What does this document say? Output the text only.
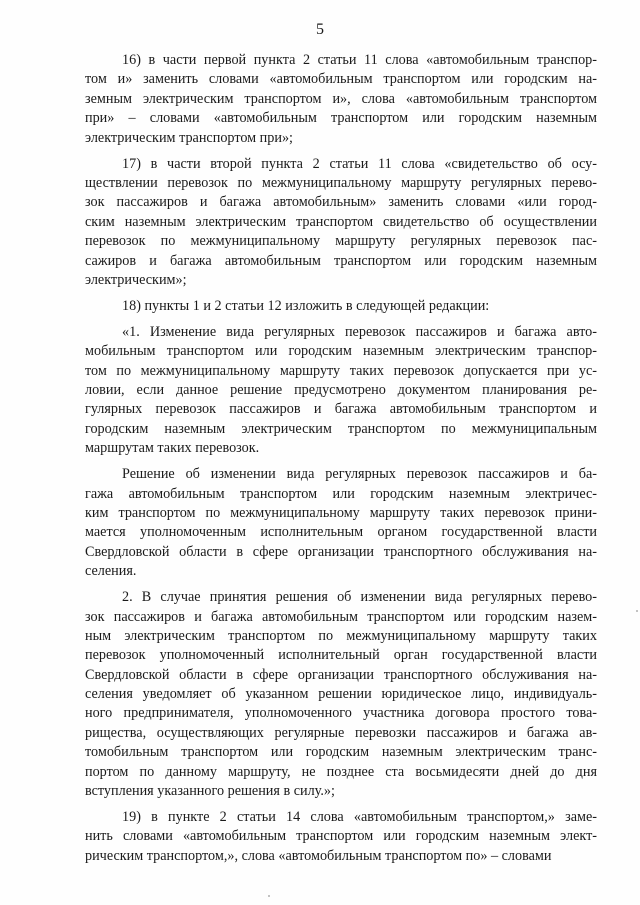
5
16) в части первой пункта 2 статьи 11 слова «автомобильным транспор-
том и» заменить словами «автомобильным транспортом или городским на-
земным электрическим транспортом и», слова «автомобильным транспортом
при» – словами «автомобильным транспортом или городским наземным
электрическим транспортом при»;
17) в части второй пункта 2 статьи 11 слова «свидетельство об осу-
ществлении перевозок по межмуниципальному маршруту регулярных перево-
зок пассажиров и багажа автомобильным» заменить словами «или город-
ским наземным электрическим транспортом свидетельство об осуществлении
перевозок по межмуниципальному маршруту регулярных перевозок пас-
сажиров и багажа автомобильным транспортом или городским наземным
электрическим»;
18) пункты 1 и 2 статьи 12 изложить в следующей редакции:
«1. Изменение вида регулярных перевозок пассажиров и багажа авто-
мобильным транспортом или городским наземным электрическим транспор-
том по межмуниципальному маршруту таких перевозок допускается при ус-
ловии, если данное решение предусмотрено документом планирования ре-
гулярных перевозок пассажиров и багажа автомобильным транспортом и
городским наземным электрическим транспортом по межмуниципальным
маршрутам таких перевозок.
Решение об изменении вида регулярных перевозок пассажиров и ба-
гажа автомобильным транспортом или городским наземным электричес-
ким транспортом по межмуниципальному маршруту таких перевозок прини-
мается уполномоченным исполнительным органом государственной власти
Свердловской области в сфере организации транспортного обслуживания на-
селения.
2. В случае принятия решения об изменении вида регулярных перево-
зок пассажиров и багажа автомобильным транспортом или городским назем-
ным электрическим транспортом по межмуниципальному маршруту таких
перевозок уполномоченный исполнительный орган государственной власти
Свердловской области в сфере организации транспортного обслуживания на-
селения уведомляет об указанном решении юридическое лицо, индивидуаль-
ного предпринимателя, уполномоченного участника договора простого това-
рищества, осуществляющих регулярные перевозки пассажиров и багажа ав-
томобильным транспортом или городским наземным электрическим транс-
портом по данному маршруту, не позднее ста восьмидесяти дней до дня
вступления указанного решения в силу.»;
19) в пункте 2 статьи 14 слова «автомобильным транспортом,» заме-
нить словами «автомобильным транспортом или городским наземным элект-
рическим транспортом,», слова «автомобильным транспортом по» – словами
